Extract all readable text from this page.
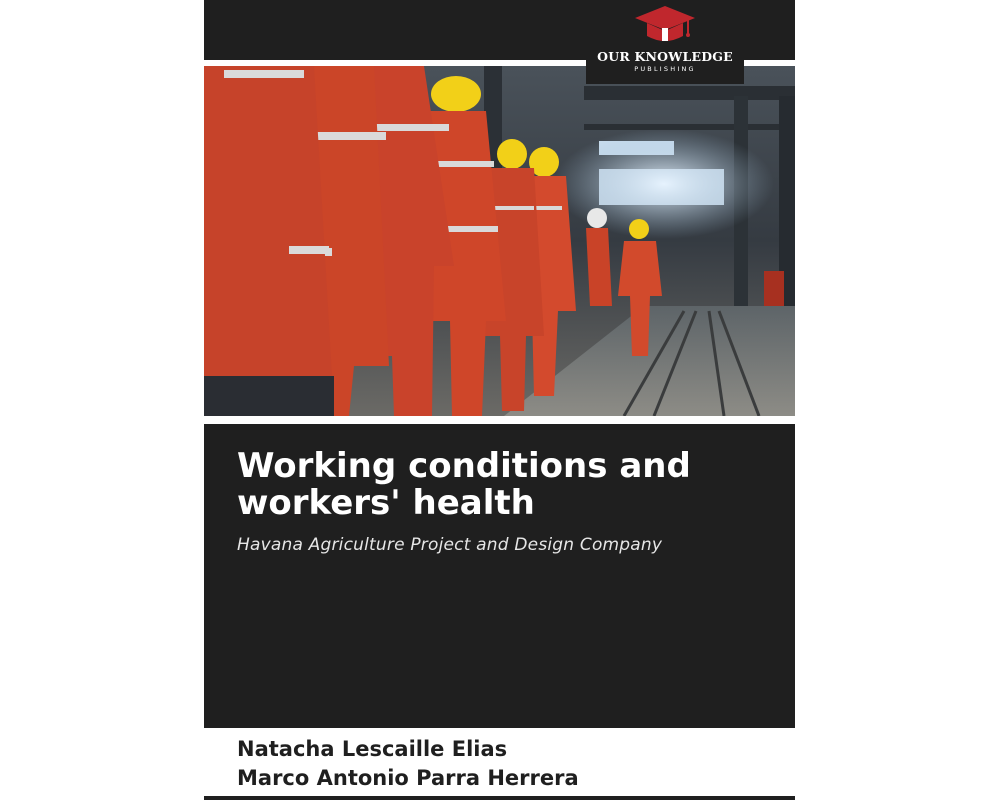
OUR KNOWLEDGE
PUBLISHING
Working conditions and workers' health

Havana Agriculture Project and Design Company

Natacha Lescaille Elias
Marco Antonio Parra Herrera
